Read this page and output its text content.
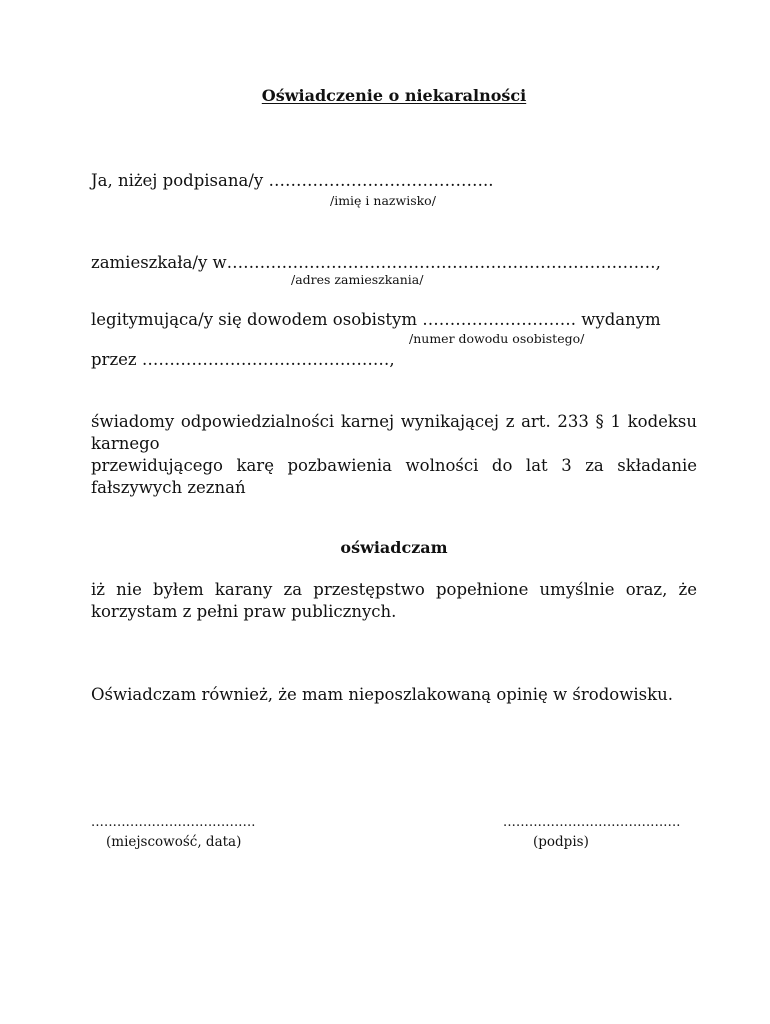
Oświadczenie o niekaralności
Ja, niżej podpisana/y …………………………………..
/imię i nazwisko/
zamieszkała/y w……………………………………………………………………,
/adres zamieszkania/
legitymująca/y się dowodem osobistym ………………………. wydanym
/numer dowodu osobistego/
przez ………………………………………,
świadomy odpowiedzialności karnej wynikającej z art. 233 § 1 kodeksu
karnego
przewidującego karę pozbawienia wolności do lat 3 za składanie
fałszywych zeznań
oświadczam
iż nie byłem karany za przestępstwo popełnione umyślnie oraz, że
korzystam z pełni praw publicznych.
Oświadczam również, że mam nieposzlakowaną opinię w środowisku.
......................................
(miejscowość, data)
.........................................
(podpis)
